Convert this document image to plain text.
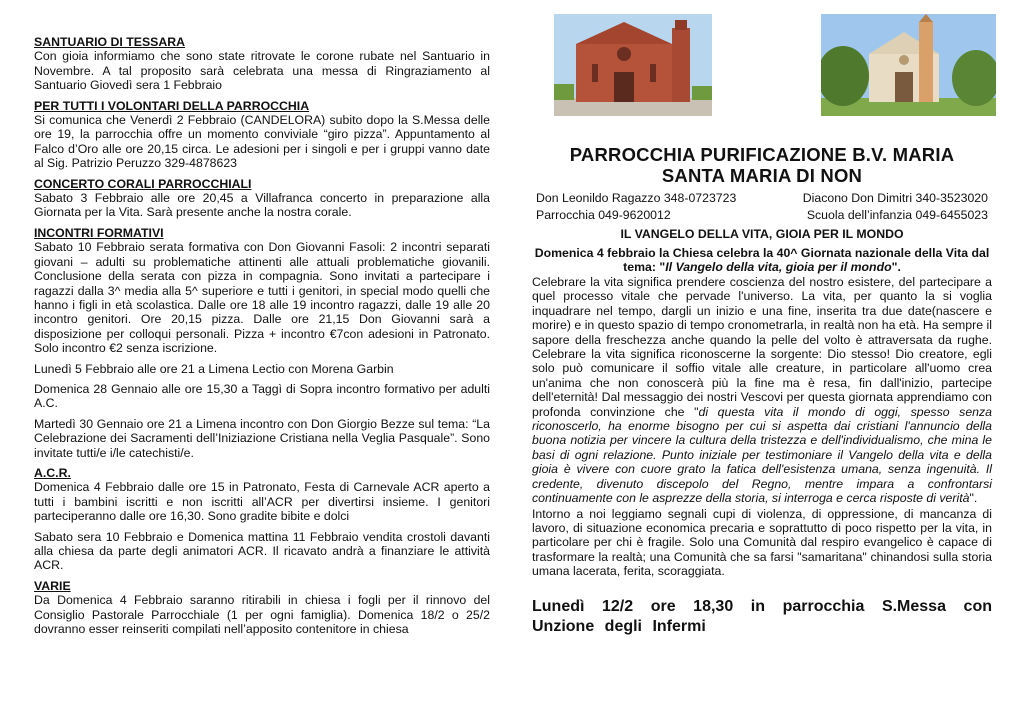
SANTUARIO DI TESSARA

Con gioia informiamo che sono state ritrovate le corone rubate nel Santuario in Novembre. A tal proposito sarà celebrata una messa di Ringraziamento al Santuario Giovedì sera 1 Febbraio

PER TUTTI I VOLONTARI DELLA PARROCCHIA

Si comunica che Venerdì 2 Febbraio (CANDELORA) subito dopo la S.Messa delle ore 19, la parrocchia offre un momento conviviale “giro pizza”. Appuntamento al Falco d’Oro alle ore 20,15 circa. Le adesioni per i singoli e per i gruppi vanno date al Sig. Patrizio Peruzzo 329-4878623

CONCERTO CORALI PARROCCHIALI

Sabato 3 Febbraio alle ore 20,45 a Villafranca concerto in preparazione alla Giornata per la Vita. Sarà presente anche la nostra corale.

INCONTRI FORMATIVI

Sabato 10 Febbraio serata formativa con Don Giovanni Fasoli: 2 incontri separati giovani – adulti su problematiche attinenti alle attuali problematiche giovanili. Conclusione della serata con pizza in compagnia. Sono invitati a partecipare i ragazzi dalla 3^ media alla 5^ superiore e tutti i genitori, in special modo quelli che hanno i figli in età scolastica. Dalle ore 18 alle 19 incontro ragazzi, dalle 19 alle 20 incontro genitori. Ore 20,15 pizza. Dalle ore 21,15 Don Giovanni sarà a disposizione per colloqui personali. Pizza + incontro €7con adesioni in Patronato. Solo incontro €2 senza iscrizione.

Lunedì 5 Febbraio alle ore 21 a Limena Lectio con Morena Garbin

Domenica 28 Gennaio alle ore 15,30 a Taggì di Sopra incontro formativo per adulti A.C.

Martedì 30 Gennaio ore 21 a Limena incontro con Don Giorgio Bezze sul tema: “La Celebrazione dei Sacramenti dell’Iniziazione Cristiana nella Veglia Pasquale”. Sono invitate tutti/e i/le catechisti/e.

A.C.R.

Domenica 4 Febbraio dalle ore 15 in Patronato, Festa di Carnevale ACR aperto a tutti i bambini iscritti e non iscritti all’ACR per divertirsi insieme. I genitori parteciperanno dalle ore 16,30. Sono gradite bibite e dolci

Sabato sera 10 Febbraio e Domenica mattina 11 Febbraio vendita crostoli davanti alla chiesa da parte degli animatori ACR. Il ricavato andrà a finanziare le attività ACR.

VARIE

Da Domenica 4 Febbraio saranno ritirabili in chiesa i fogli per il rinnovo del Consiglio Pastorale Parrocchiale (1 per ogni famiglia). Domenica 18/2 o 25/2 dovranno esser reinseriti compilati nell’apposito contenitore in chiesa

PARROCCHIA PURIFICAZIONE B.V. MARIA
SANTA MARIA DI NON
Don Leonildo Ragazzo 348-0723723	Diacono Don Dimitri 340-3523020
Parrocchia 049-9620012	Scuola dell’infanzia 049-6455023
IL VANGELO DELLA VITA, GIOIA PER IL MONDO
Domenica 4 febbraio la Chiesa celebra la 40^ Giornata nazionale della Vita dal tema: "Il Vangelo della vita, gioia per il mondo".
Celebrare la vita significa prendere coscienza del nostro esistere, del partecipare a quel processo vitale che pervade l'universo. La vita, per quanto la si voglia inquadrare nel tempo, dargli un inizio e una fine, inserita tra due date(nascere e morire) e in questo spazio di tempo cronometrarla, in realtà non ha età. Ha sempre il sapore della freschezza anche quando la pelle del volto è attraversata da rughe. Celebrare la vita significa riconoscerne la sorgente: Dio stesso! Dio creatore, egli solo può comunicare il soffio vitale alle creature, in particolare all'uomo crea un'anima che non conoscerà più la fine ma è resa, fin dall'inizio, partecipe dell'eternità! Dal messaggio dei nostri Vescovi per questa giornata apprendiamo con profonda convinzione che "di questa vita il mondo di oggi, spesso senza riconoscerlo, ha enorme bisogno per cui si aspetta dai cristiani l'annuncio della buona notizia per vincere la cultura della tristezza e dell'individualismo, che mina le basi di ogni relazione. Punto iniziale per testimoniare il Vangelo della vita e della gioia è vivere con cuore grato la fatica dell'esistenza umana, senza ingenuità. Il credente, divenuto discepolo del Regno, mentre impara a confrontarsi continuamente con le asprezze della storia, si interroga e cerca risposte di verità".
Intorno a noi leggiamo segnali cupi di violenza, di oppressione, di mancanza di lavoro, di situazione economica precaria e soprattutto di poco rispetto per la vita, in particolare per chi è fragile. Solo una Comunità dal respiro evangelico è capace di trasformare la realtà; una Comunità che sa farsi "samaritana" chinandosi sulla storia umana lacerata, ferita, scoraggiata.
Lunedì 12/2 ore 18,30 in parrocchia S.Messa con Unzione degli Infermi
